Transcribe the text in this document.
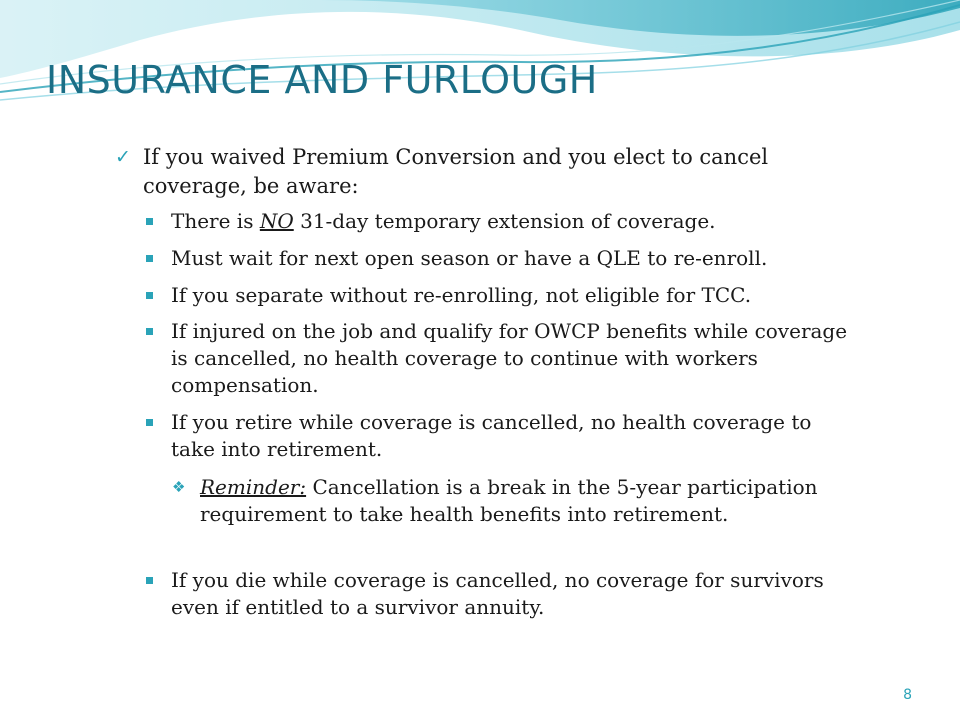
INSURANCE AND FURLOUGH
✓ If you waived Premium Conversion and you elect to cancel coverage, be aware:
There is NO 31-day temporary extension of coverage.
Must wait for next open season or have a QLE to re-enroll.
If you separate without re-enrolling, not eligible for TCC.
If injured on the job and qualify for OWCP benefits while coverage is cancelled, no health coverage to continue with workers compensation.
If you retire while coverage is cancelled, no health coverage to take into retirement.
❖ Reminder: Cancellation is a break in the 5-year participation requirement to take health benefits into retirement.
If you die while coverage is cancelled, no coverage for survivors even if entitled to a survivor annuity.
8
